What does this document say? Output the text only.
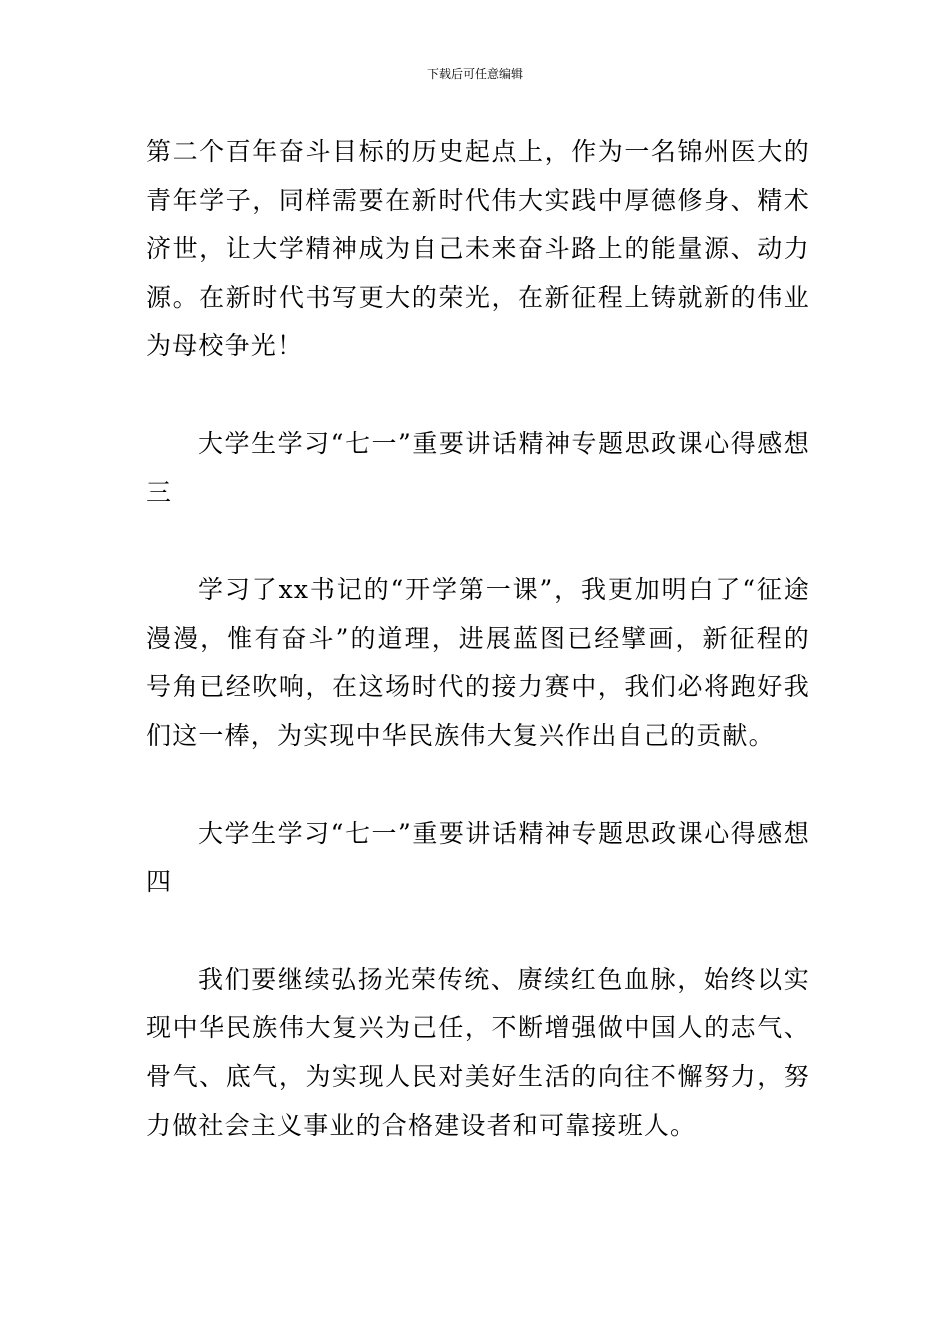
下载后可任意编辑

第二个百年奋斗目标的历史起点上，作为一名锦州医大的青年学子，同样需要在新时代伟大实践中厚德修身、精术济世，让大学精神成为自己未来奋斗路上的能量源、动力源。在新时代书写更大的荣光，在新征程上铸就新的伟业为母校争光！

大学生学习“七一”重要讲话精神专题思政课心得感想三

学习了xx书记的“开学第一课”，我更加明白了“征途漫漫，惟有奋斗”的道理，进展蓝图已经擘画，新征程的号角已经吹响，在这场时代的接力赛中，我们必将跑好我们这一棒，为实现中华民族伟大复兴作出自己的贡献。

大学生学习“七一”重要讲话精神专题思政课心得感想四

我们要继续弘扬光荣传统、赓续红色血脉，始终以实现中华民族伟大复兴为己任，不断增强做中国人的志气、骨气、底气，为实现人民对美好生活的向往不懈努力，努力做社会主义事业的合格建设者和可靠接班人。
